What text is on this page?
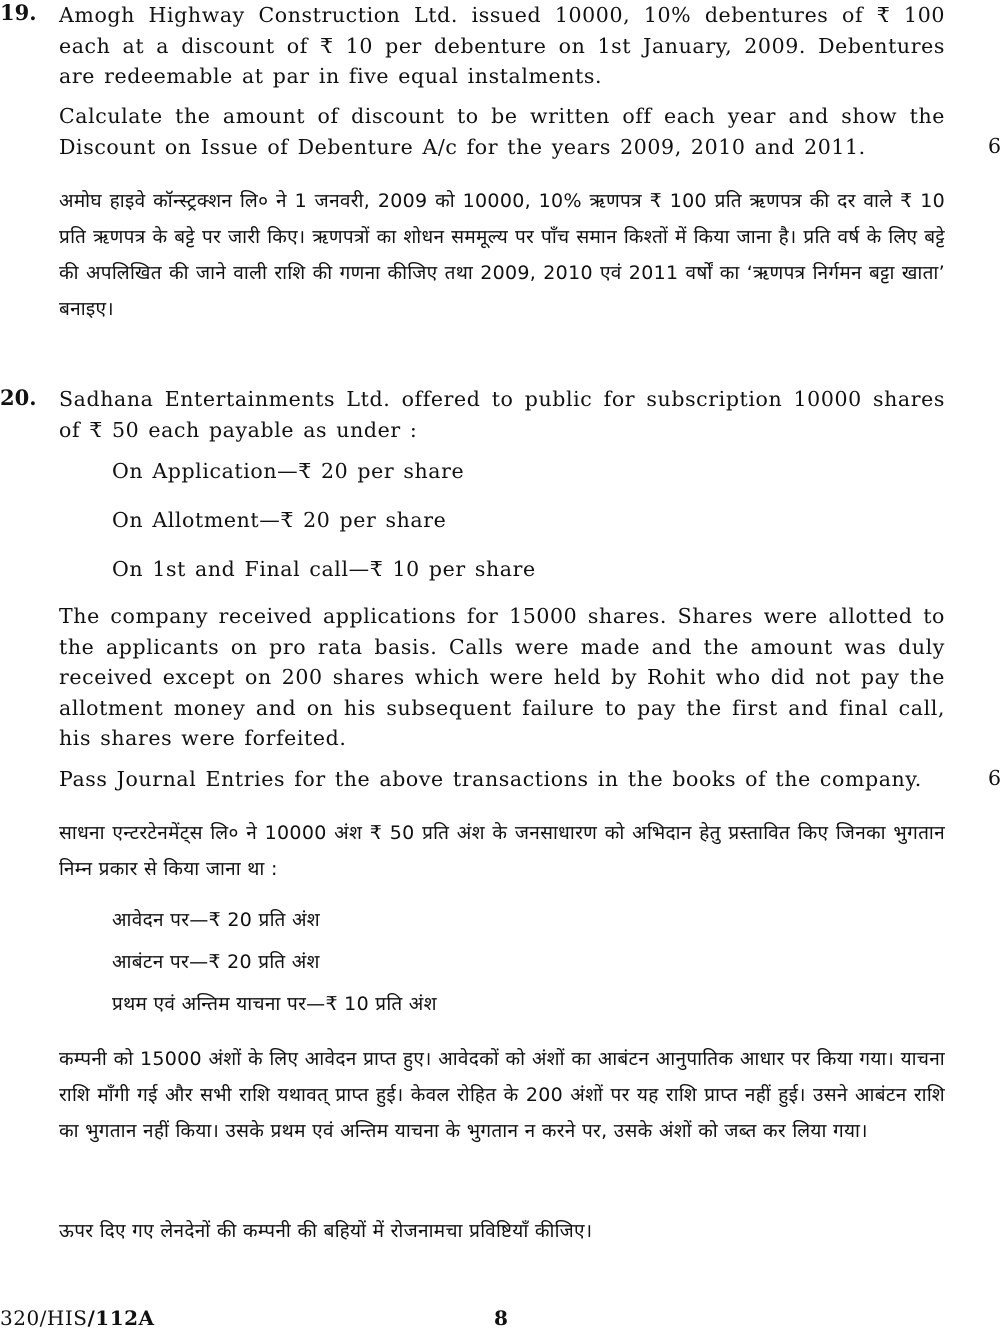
19. Amogh Highway Construction Ltd. issued 10000, 10% debentures of ₹ 100 each at a discount of ₹ 10 per debenture on 1st January, 2009. Debentures are redeemable at par in five equal instalments.

Calculate the amount of discount to be written off each year and show the Discount on Issue of Debenture A/c for the years 2009, 2010 and 2011.	6

अमोघ हाइवे कॉन्स्ट्रक्शन लि० ने 1 जनवरी, 2009 को 10000, 10% ऋणपत्र ₹ 100 प्रति ऋणपत्र की दर वाले ₹ 10 प्रति ऋणपत्र के बट्टे पर जारी किए। ऋणपत्रों का शोधन सममूल्य पर पाँच समान किश्तों में किया जाना है। प्रति वर्ष के लिए बट्टे की अपलिखित की जाने वाली राशि की गणना कीजिए तथा 2009, 2010 एवं 2011 वर्षों का ‘ऋणपत्र निर्गमन बट्टा खाता’ बनाइए।

20. Sadhana Entertainments Ltd. offered to public for subscription 10000 shares of ₹ 50 each payable as under :

On Application—₹ 20 per share

On Allotment—₹ 20 per share

On 1st and Final call—₹ 10 per share

The company received applications for 15000 shares. Shares were allotted to the applicants on pro rata basis. Calls were made and the amount was duly received except on 200 shares which were held by Rohit who did not pay the allotment money and on his subsequent failure to pay the first and final call, his shares were forfeited.

Pass Journal Entries for the above transactions in the books of the company.	6

साधना एन्टरटेनमेंट्स लि० ने 10000 अंश ₹ 50 प्रति अंश के जनसाधारण को अभिदान हेतु प्रस्तावित किए जिनका भुगतान निम्न प्रकार से किया जाना था :

आवेदन पर—₹ 20 प्रति अंश

आबंटन पर—₹ 20 प्रति अंश

प्रथम एवं अन्तिम याचना पर—₹ 10 प्रति अंश

कम्पनी को 15000 अंशों के लिए आवेदन प्राप्त हुए। आवेदकों को अंशों का आबंटन आनुपातिक आधार पर किया गया। याचना राशि माँगी गई और सभी राशि यथावत् प्राप्त हुई। केवल रोहित के 200 अंशों पर यह राशि प्राप्त नहीं हुई। उसने आबंटन राशि का भुगतान नहीं किया। उसके प्रथम एवं अन्तिम याचना के भुगतान न करने पर, उसके अंशों को जब्त कर लिया गया।

ऊपर दिए गए लेनदेनों की कम्पनी की बहियों में रोजनामचा प्रविष्टियाँ कीजिए।

320/HIS/112A	8
